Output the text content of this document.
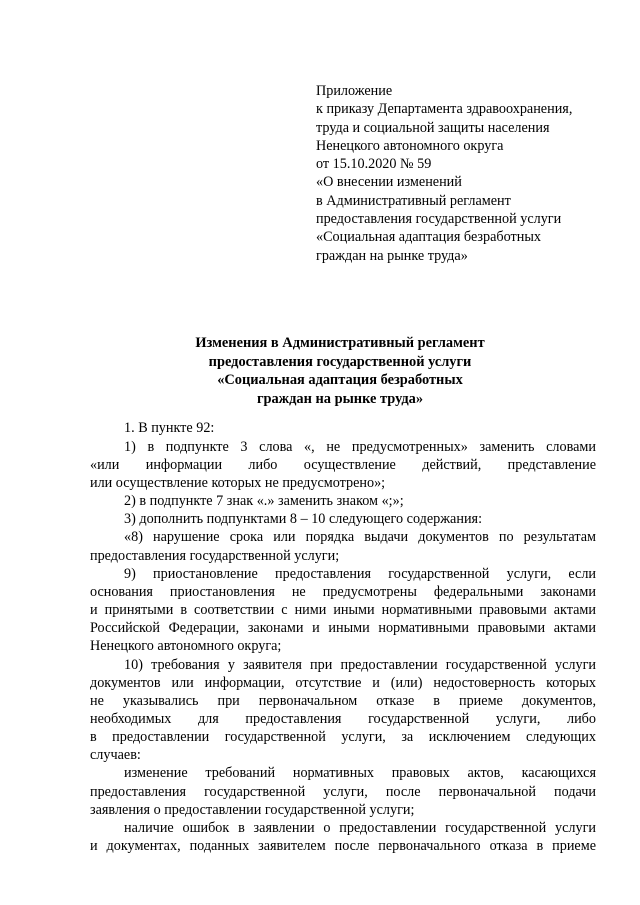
Приложение
к приказу Департамента здравоохранения,
труда и социальной защиты населения
Ненецкого автономного округа
от 15.10.2020 № 59
«О внесении изменений
в Административный регламент
предоставления государственной услуги
«Социальная адаптация безработных
граждан на рынке труда»
Изменения в Административный регламент
предоставления государственной услуги
«Социальная адаптация безработных
граждан на рынке труда»
1. В пункте 92:
1) в подпункте 3 слова «, не предусмотренных» заменить словами
«или информации либо осуществление действий, представление
или осуществление которых не предусмотрено»;
2) в подпункте 7 знак «.» заменить знаком «;»;
3) дополнить подпунктами 8 – 10 следующего содержания:
«8) нарушение срока или порядка выдачи документов по результатам
предоставления государственной услуги;
9) приостановление предоставления государственной услуги, если
основания приостановления не предусмотрены федеральными законами
и принятыми в соответствии с ними иными нормативными правовыми актами
Российской Федерации, законами и иными нормативными правовыми актами
Ненецкого автономного округа;
10) требования у заявителя при предоставлении государственной услуги
документов или информации, отсутствие и (или) недостоверность которых
не указывались при первоначальном отказе в приеме документов,
необходимых для предоставления государственной услуги, либо
в предоставлении государственной услуги, за исключением следующих
случаев:
изменение требований нормативных правовых актов, касающихся
предоставления государственной услуги, после первоначальной подачи
заявления о предоставлении государственной услуги;
наличие ошибок в заявлении о предоставлении государственной услуги
и документах, поданных заявителем после первоначального отказа в приеме
